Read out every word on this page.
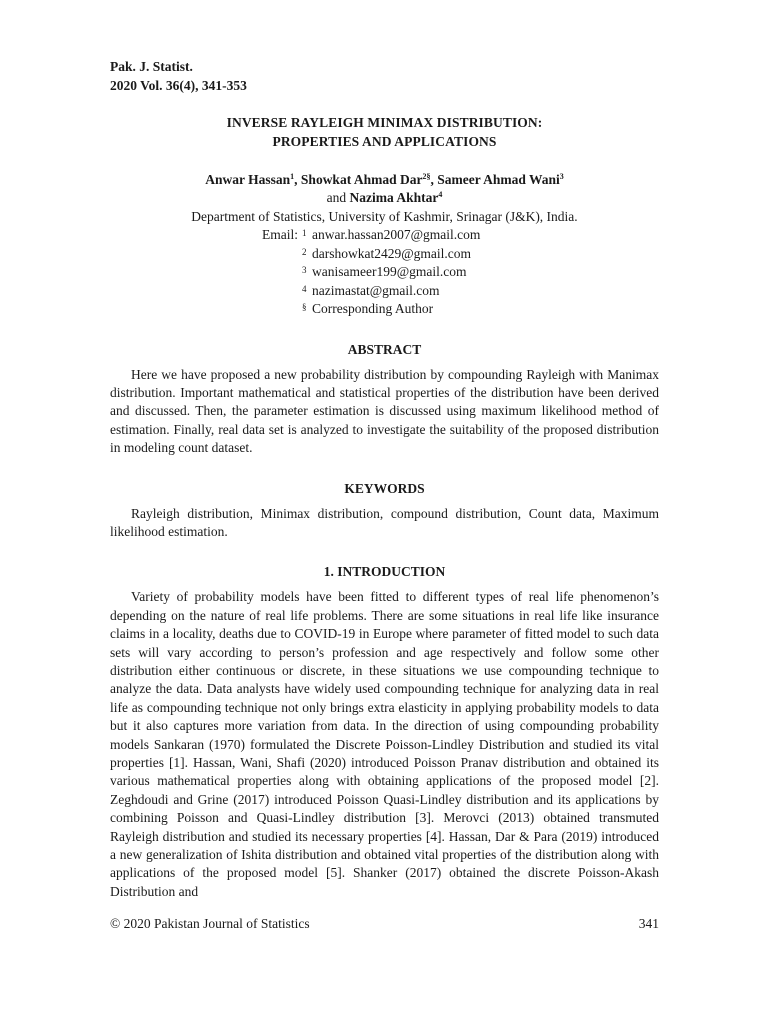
Pak. J. Statist.
2020 Vol. 36(4), 341-353
INVERSE RAYLEIGH MINIMAX DISTRIBUTION:
PROPERTIES AND APPLICATIONS
Anwar Hassan$^1$, Showkat Ahmad Dar$^{2\S}$, Sameer Ahmad Wani$^3$
and Nazima Akhtar$^4$
Department of Statistics, University of Kashmir, Srinagar (J&K), India.
Email: 1 anwar.hassan2007@gmail.com
2 darshowkat2429@gmail.com
3 wanisameer199@gmail.com
4 nazimastat@gmail.com
§ Corresponding Author
ABSTRACT
Here we have proposed a new probability distribution by compounding Rayleigh with Manimax distribution. Important mathematical and statistical properties of the distribution have been derived and discussed. Then, the parameter estimation is discussed using maximum likelihood method of estimation. Finally, real data set is analyzed to investigate the suitability of the proposed distribution in modeling count dataset.
KEYWORDS
Rayleigh distribution, Minimax distribution, compound distribution, Count data, Maximum likelihood estimation.
1. INTRODUCTION
Variety of probability models have been fitted to different types of real life phenomenon’s depending on the nature of real life problems. There are some situations in real life like insurance claims in a locality, deaths due to COVID-19 in Europe where parameter of fitted model to such data sets will vary according to person’s profession and age respectively and follow some other distribution either continuous or discrete, in these situations we use compounding technique to analyze the data. Data analysts have widely used compounding technique for analyzing data in real life as compounding technique not only brings extra elasticity in applying probability models to data but it also captures more variation from data. In the direction of using compounding probability models Sankaran (1970) formulated the Discrete Poisson-Lindley Distribution and studied its vital properties [1]. Hassan, Wani, Shafi (2020) introduced Poisson Pranav distribution and obtained its various mathematical properties along with obtaining applications of the proposed model [2]. Zeghdoudi and Grine (2017) introduced Poisson Quasi-Lindley distribution and its applications by combining Poisson and Quasi-Lindley distribution [3]. Merovci (2013) obtained transmuted Rayleigh distribution and studied its necessary properties [4]. Hassan, Dar & Para (2019) introduced a new generalization of Ishita distribution and obtained vital properties of the distribution along with applications of the proposed model [5]. Shanker (2017) obtained the discrete Poisson-Akash Distribution and
© 2020 Pakistan Journal of Statistics	341
